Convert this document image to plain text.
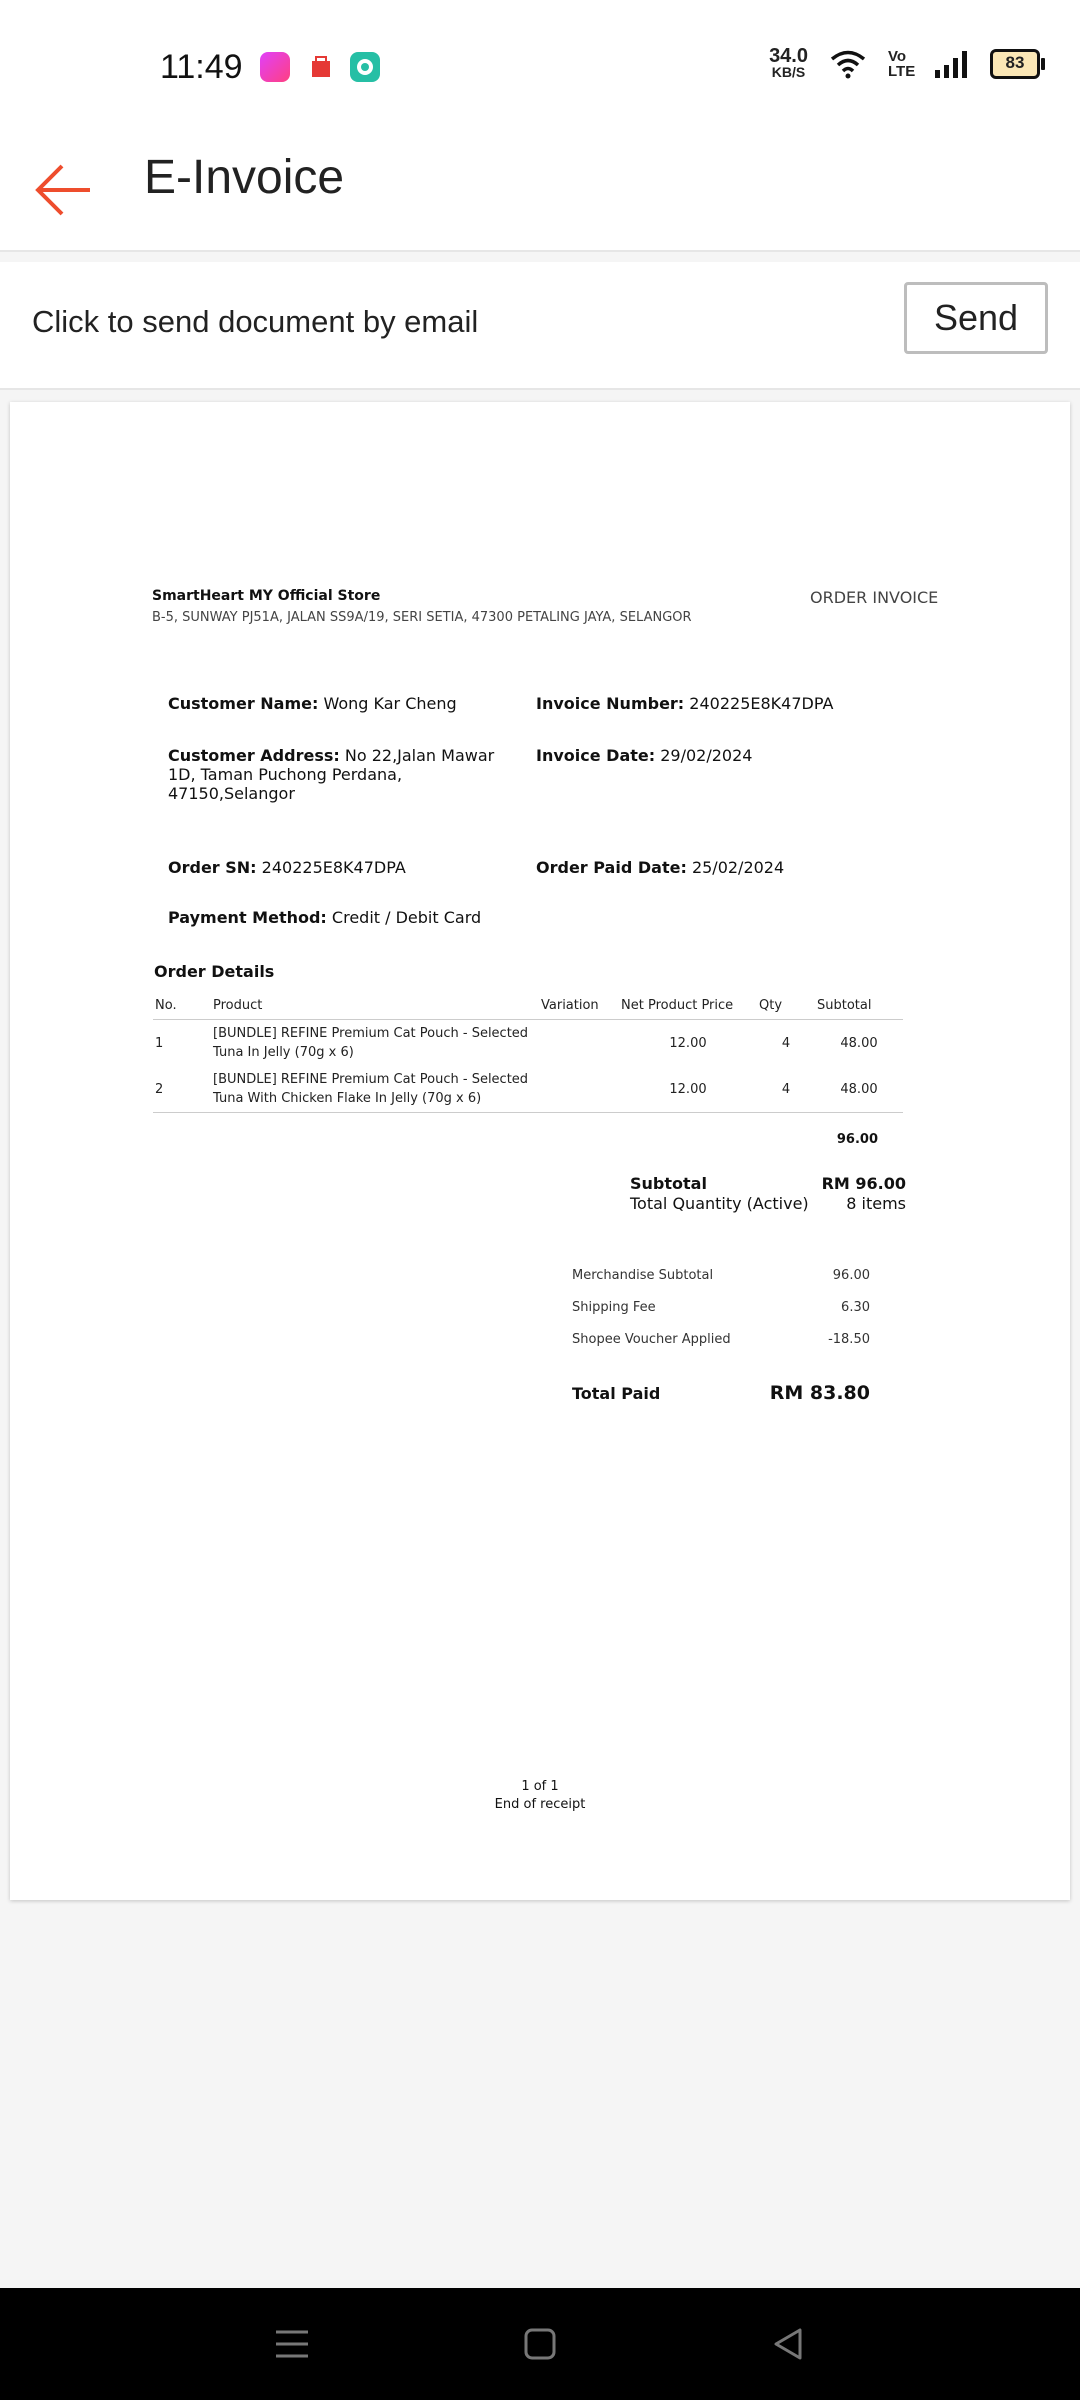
11:49	34.0
KB/S
Vo LTE	83
E-Invoice
Click to send document by email	Send
SmartHeart MY Official Store
B-5, SUNWAY PJ51A, JALAN SS9A/19, SERI SETIA, 47300 PETALING JAYA, SELANGOR
ORDER INVOICE
Customer Name: Wong Kar Cheng	Invoice Number: 240225E8K47DPA
Customer Address: No 22,Jalan Mawar 1D, Taman Puchong Perdana, 47150,Selangor
Invoice Date: 29/02/2024
Order SN: 240225E8K47DPA	Order Paid Date: 25/02/2024
Payment Method: Credit / Debit Card
Order Details
No.	Product	Variation	Net Product Price	Qty	Subtotal
1	[BUNDLE] REFINE Premium Cat Pouch - Selected Tuna In Jelly (70g x 6)		12.00	4	48.00
2	[BUNDLE] REFINE Premium Cat Pouch - Selected Tuna With Chicken Flake In Jelly (70g x 6)		12.00	4	48.00
96.00
Subtotal	RM 96.00
Total Quantity (Active) 8 items
Merchandise Subtotal	96.00
Shipping Fee	6.30
Shopee Voucher Applied	-18.50
Total Paid	RM 83.80
1 of 1
End of receipt
